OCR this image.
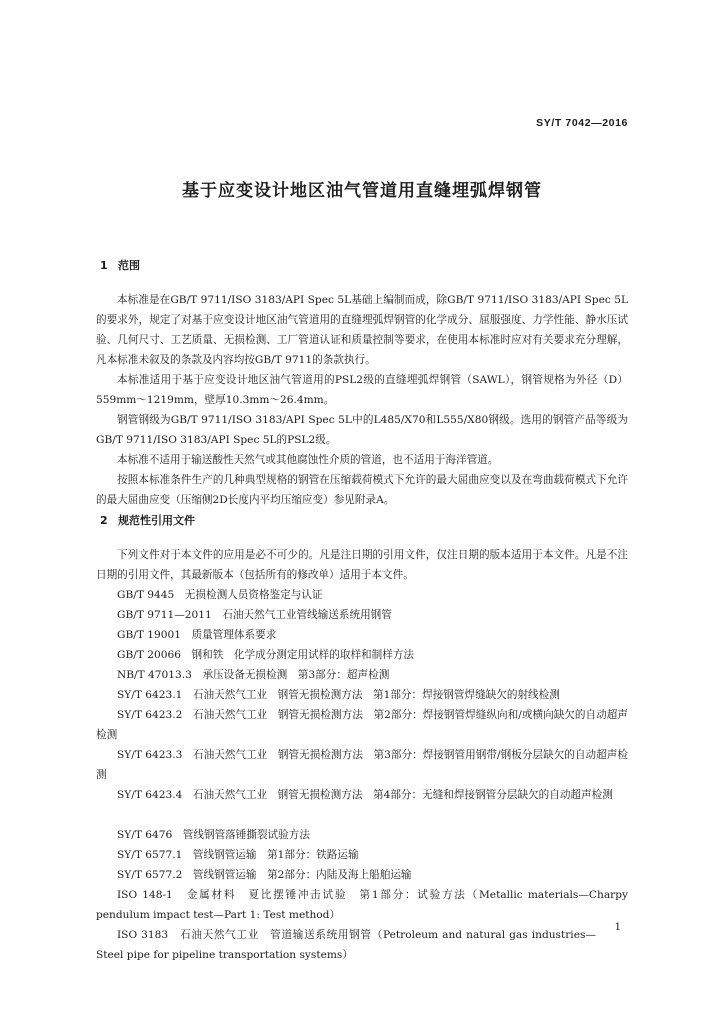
SY/T 7042—2016
基于应变设计地区油气管道用直缝埋弧焊钢管
1 范围

本标准是在GB/T 9711/ISO 3183/API Spec 5L基础上编制而成，除GB/T 9711/ISO 3183/API Spec 5L的要求外，规定了对基于应变设计地区油气管道用的直缝埋弧焊钢管的化学成分、屈服强度、力学性能、静水压试验、几何尺寸、工艺质量、无损检测、工厂管道认证和质量控制等要求，在使用本标准时应对有关要求充分理解，凡本标准未叙及的条款及内容均按GB/T 9711的条款执行。

本标准适用于基于应变设计地区油气管道用的PSL2级的直缝埋弧焊钢管（SAWL），钢管规格为外径（D）559mm～1219mm，壁厚10.3mm～26.4mm。

钢管钢级为GB/T 9711/ISO 3183/API Spec 5L中的L485/X70和L555/X80钢级。选用的钢管产品等级为GB/T 9711/ISO 3183/API Spec 5L的PSL2级。

本标准不适用于输送酸性天然气或其他腐蚀性介质的管道，也不适用于海洋管道。

按照本标准条件生产的几种典型规格的钢管在压缩载荷模式下允许的最大屈曲应变以及在弯曲载荷模式下允许的最大屈曲应变（压缩侧2D长度内平均压缩应变）参见附录A。

2 规范性引用文件

下列文件对于本文件的应用是必不可少的。凡是注日期的引用文件，仅注日期的版本适用于本文件。凡是不注日期的引用文件，其最新版本（包括所有的修改单）适用于本文件。

GB/T 9445　无损检测人员资格鉴定与认证

GB/T 9711—2011　石油天然气工业管线输送系统用钢管

GB/T 19001　质量管理体系要求

GB/T 20066　钢和铁　化学成分测定用试样的取样和制样方法

NB/T 47013.3　承压设备无损检测　第3部分：超声检测

SY/T 6423.1　石油天然气工业　钢管无损检测方法　第1部分：焊接钢管焊缝缺欠的射线检测

SY/T 6423.2　石油天然气工业　钢管无损检测方法　第2部分：焊接钢管焊缝纵向和/或横向缺欠的自动超声检测

SY/T 6423.3　石油天然气工业　钢管无损检测方法　第3部分：焊接钢管用钢带/钢板分层缺欠的自动超声检测

SY/T 6423.4　石油天然气工业　钢管无损检测方法　第4部分：无缝和焊接钢管分层缺欠的自动超声检测

SY/T 6476　管线钢管落锤撕裂试验方法

SY/T 6577.1　管线钢管运输　第1部分：铁路运输

SY/T 6577.2　管线钢管运输　第2部分：内陆及海上船舶运输

ISO 148-1　金属材料　夏比摆锤冲击试验　第1部分：试验方法（Metallic materials—Charpy pendulum impact test—Part 1: Test method）

ISO 3183　石油天然气工业　管道输送系统用钢管（Petroleum and natural gas industries—Steel pipe for pipeline transportation systems）

1
